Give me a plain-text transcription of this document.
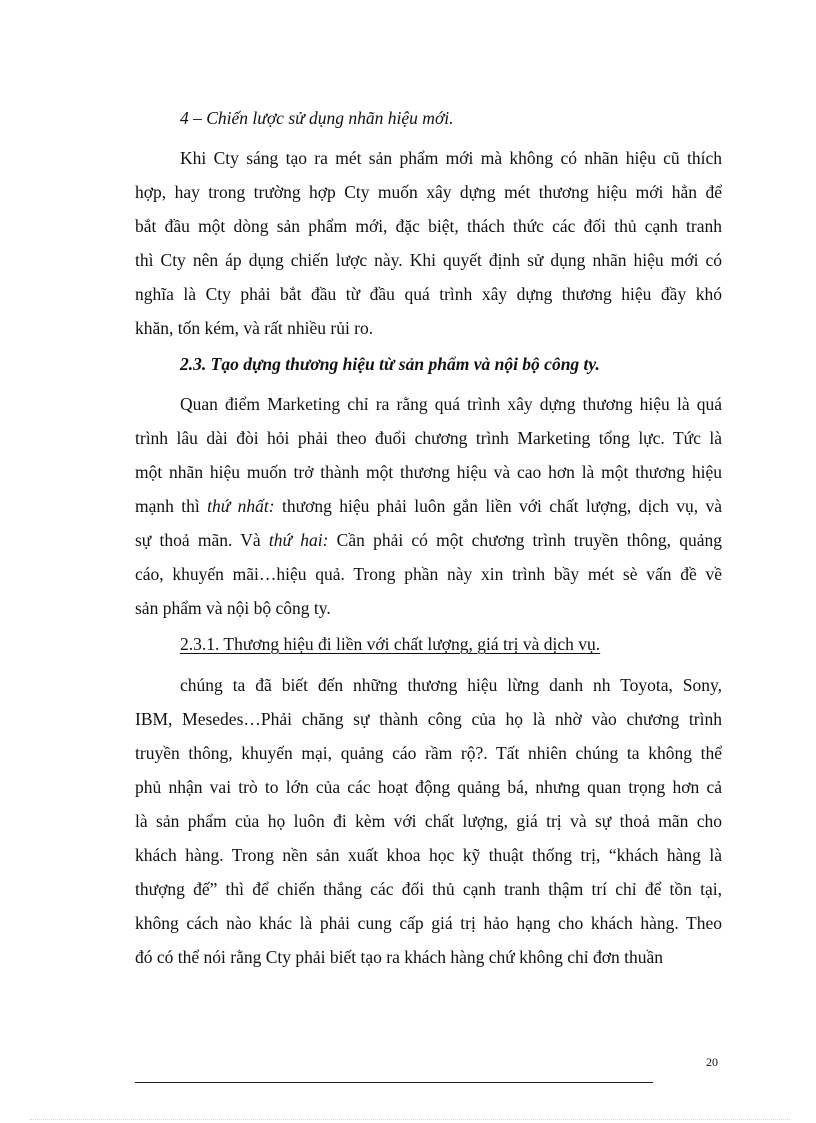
4 – Chiến lược sử dụng nhãn hiệu mới.
Khi Cty sáng tạo ra mét sản phẩm mới mà không có nhãn hiệu cũ thích
hợp, hay trong trường hợp Cty muốn xây dựng mét thương hiệu mới hẳn để
bắt đầu một dòng sản phẩm mới, đặc biệt, thách thức các đối thủ cạnh tranh
thì Cty nên áp dụng chiến lược này. Khi quyết định sử dụng nhãn hiệu mới có
nghĩa là Cty phải bắt đầu từ đầu quá trình xây dựng thương hiệu đầy khó
khăn, tốn kém, và rất nhiều rủi ro.
2.3. Tạo dựng thương hiệu từ sản phẩm và nội bộ công ty.
Quan điểm Marketing chỉ ra rằng quá trình xây dựng thương hiệu là quá
trình lâu dài đòi hỏi phải theo đuổi chương trình Marketing tổng lực. Tức là
một nhãn hiệu muốn trở thành một thương hiệu và cao hơn là một thương hiệu
mạnh thì thứ nhất: thương hiệu phải luôn gắn liền với chất lượng, dịch vụ, và
sự thoả mãn. Và thứ hai: Cần phải có một chương trình truyền thông, quảng
cáo, khuyến mãi…hiệu quả. Trong phần này xin trình bầy mét sè vấn đề về
sản phẩm và nội bộ công ty.
2.3.1. Thương hiệu đi liền với chất lượng, giá trị và dịch vụ.
chúng ta đã biết đến những thương hiệu lừng danh nh Toyota, Sony,
IBM, Mesedes…Phải chăng sự thành công của họ là nhờ vào chương trình
truyền thông, khuyến mại, quảng cáo rầm rộ?. Tất nhiên chúng ta không thể
phủ nhận vai trò to lớn của các hoạt động quảng bá, nhưng quan trọng hơn cả
là sản phẩm của họ luôn đi kèm với chất lượng, giá trị và sự thoả mãn cho
khách hàng. Trong nền sản xuất khoa học kỹ thuật thống trị, “khách hàng là
thượng đế” thì để chiến thắng các đối thủ cạnh tranh thậm trí chỉ để tồn tại,
không cách nào khác là phải cung cấp giá trị hảo hạng cho khách hàng. Theo
đó có thể nói rằng Cty phải biết tạo ra khách hàng chứ không chỉ đơn thuần
20
